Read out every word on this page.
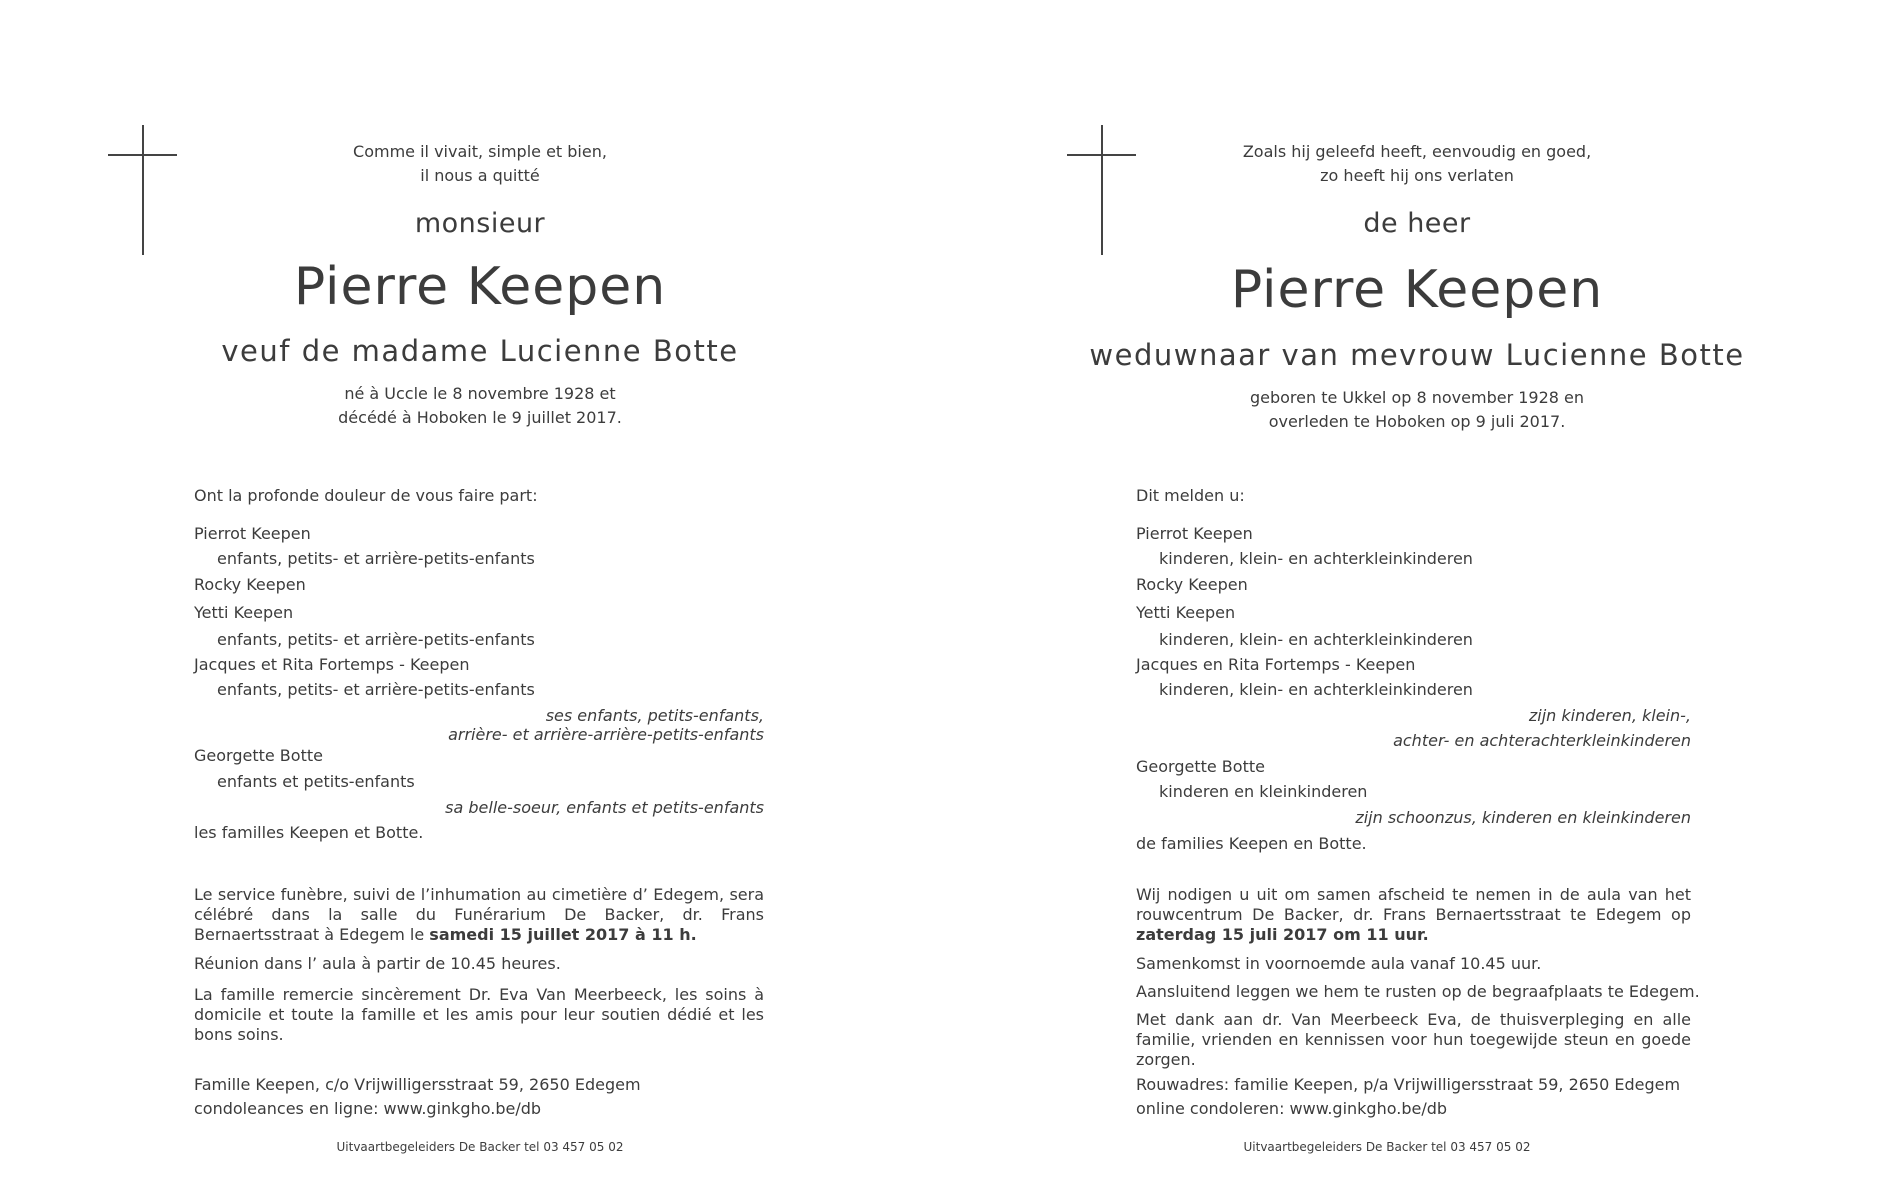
Comme il vivait, simple et bien,
il nous a quitté
monsieur
Pierre Keepen
veuf de madame Lucienne Botte
né à Uccle le 8 novembre 1928 et
décédé à Hoboken le 9 juillet 2017.
Ont la profonde douleur de vous faire part:
Pierrot Keepen
enfants, petits- et arrière-petits-enfants
Rocky Keepen
Yetti Keepen
enfants, petits- et arrière-petits-enfants
Jacques et Rita Fortemps - Keepen
enfants, petits- et arrière-petits-enfants
ses enfants, petits-enfants,
arrière- et arrière-arrière-petits-enfants
Georgette Botte
enfants et petits-enfants
sa belle-soeur, enfants et petits-enfants
les familles Keepen et Botte.
Le service funèbre, suivi de l’inhumation au cimetière d’ Edegem, sera célébré dans la salle du Funérarium De Backer, dr. Frans Bernaertsstraat à Edegem le samedi 15 juillet 2017 à 11 h.
Réunion dans l’ aula à partir de 10.45 heures.
La famille remercie sincèrement Dr. Eva Van Meerbeeck, les soins à domicile et toute la famille et les amis pour leur soutien dédié et les bons soins.
Famille Keepen, c/o Vrijwilligersstraat 59, 2650 Edegem
condoleances en ligne: www.ginkgho.be/db
Uitvaartbegeleiders De Backer tel 03 457 05 02
Zoals hij geleefd heeft, eenvoudig en goed,
zo heeft hij ons verlaten
de heer
Pierre Keepen
weduwnaar van mevrouw Lucienne Botte
geboren te Ukkel op 8 november 1928 en
overleden te Hoboken op 9 juli 2017.
Dit melden u:
Pierrot Keepen
kinderen, klein- en achterkleinkinderen
Rocky Keepen
Yetti Keepen
kinderen, klein- en achterkleinkinderen
Jacques en Rita Fortemps - Keepen
kinderen, klein- en achterkleinkinderen
zijn kinderen, klein-,
achter- en achterachterkleinkinderen
Georgette Botte
kinderen en kleinkinderen
zijn schoonzus, kinderen en kleinkinderen
de families Keepen en Botte.
Wij nodigen u uit om samen afscheid te nemen in de aula van het rouwcentrum De Backer, dr. Frans Bernaertsstraat te Edegem op zaterdag 15 juli 2017 om 11 uur.
Samenkomst in voornoemde aula vanaf 10.45 uur.
Aansluitend leggen we hem te rusten op de begraafplaats te Edegem.
Met dank aan dr. Van Meerbeeck Eva, de thuisverpleging en alle familie, vrienden en kennissen voor hun toegewijde steun en goede zorgen.
Rouwadres: familie Keepen, p/a Vrijwilligersstraat 59, 2650 Edegem
online condoleren: www.ginkgho.be/db
Uitvaartbegeleiders De Backer tel 03 457 05 02
